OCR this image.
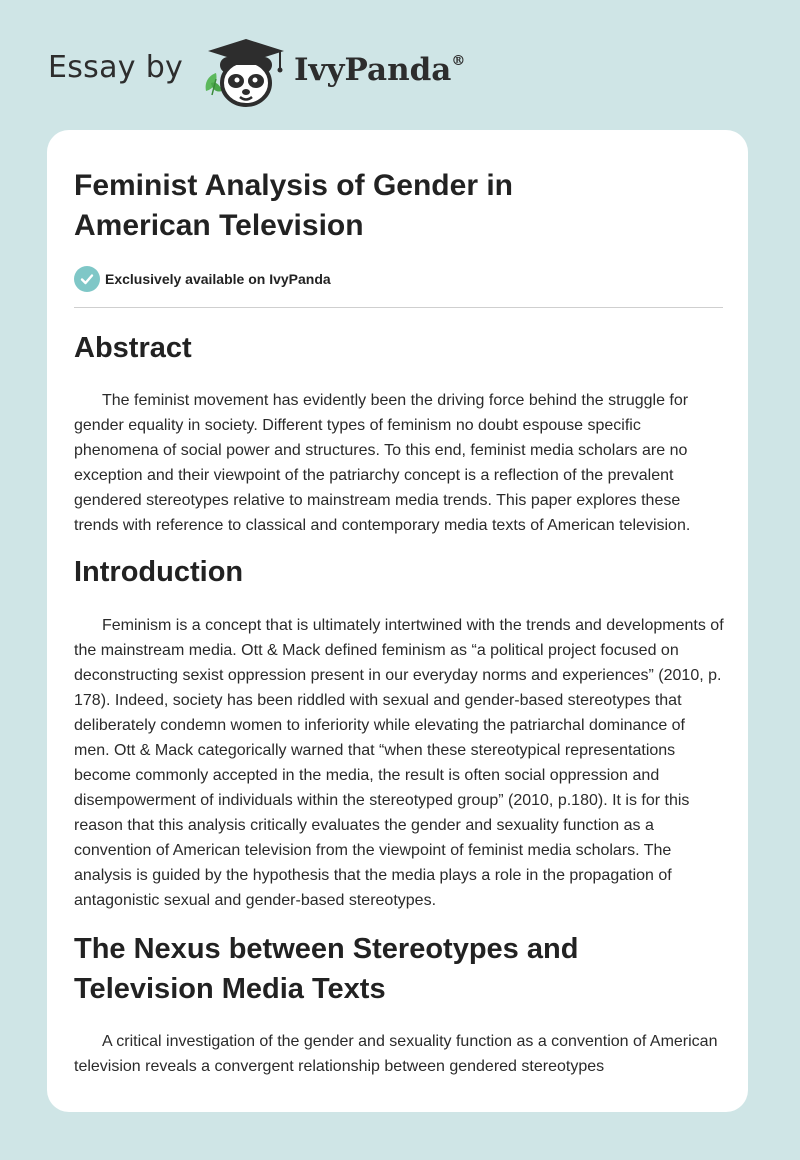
Essay by	IvyPanda®
Feminist Analysis of Gender in
American Television
Exclusively available on IvyPanda
Abstract

The feminist movement has evidently been the driving force behind the struggle for gender equality in society. Different types of feminism no doubt espouse specific phenomena of social power and structures. To this end, feminist media scholars are no exception and their viewpoint of the patriarchy concept is a reflection of the prevalent gendered stereotypes relative to mainstream media trends. This paper explores these trends with reference to classical and contemporary media texts of American television.

Introduction

Feminism is a concept that is ultimately intertwined with the trends and developments of the mainstream media. Ott & Mack defined feminism as “a political project focused on deconstructing sexist oppression present in our everyday norms and experiences” (2010, p. 178). Indeed, society has been riddled with sexual and gender-based stereotypes that deliberately condemn women to inferiority while elevating the patriarchal dominance of men. Ott & Mack categorically warned that “when these stereotypical representations become commonly accepted in the media, the result is often social oppression and disempowerment of individuals within the stereotyped group” (2010, p.180). It is for this reason that this analysis critically evaluates the gender and sexuality function as a convention of American television from the viewpoint of feminist media scholars. The analysis is guided by the hypothesis that the media plays a role in the propagation of antagonistic sexual and gender-based stereotypes.

The Nexus between Stereotypes and
Television Media Texts

A critical investigation of the gender and sexuality function as a convention of American television reveals a convergent relationship between gendered stereotypes
